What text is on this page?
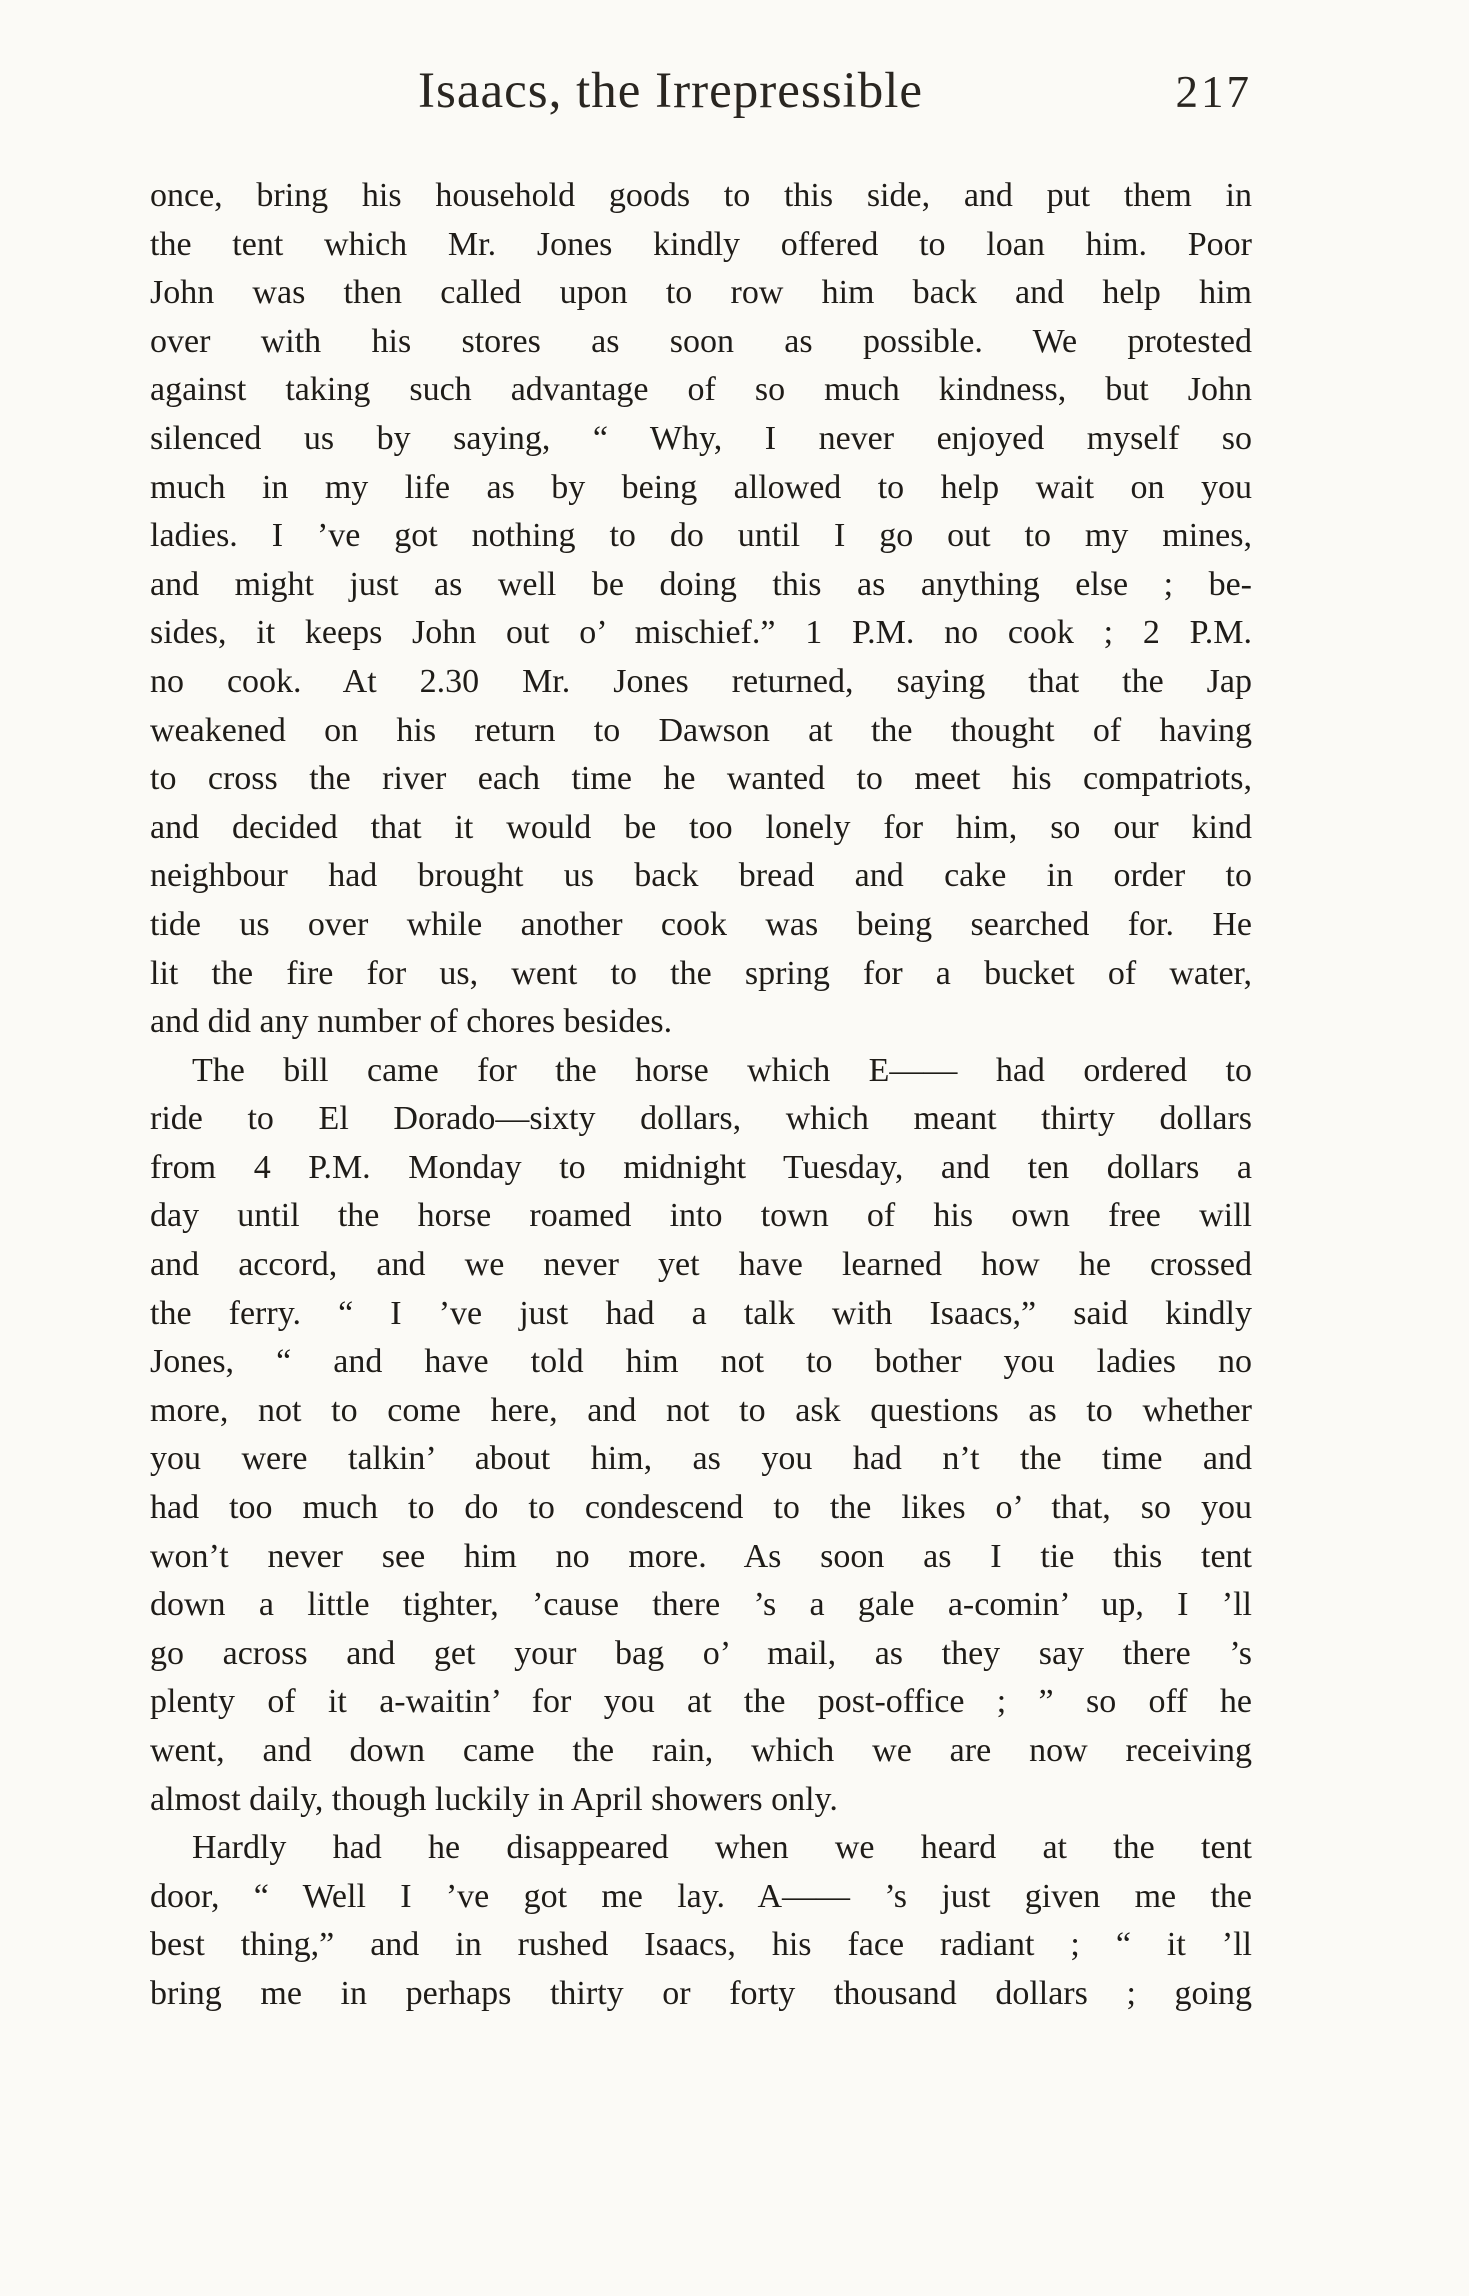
Isaacs, the Irrepressible	217
once, bring his household goods to this side, and put them in
the tent which Mr. Jones kindly offered to loan him. Poor
John was then called upon to row him back and help him
over with his stores as soon as possible. We protested
against taking such advantage of so much kindness, but John
silenced us by saying, “ Why, I never enjoyed myself so
much in my life as by being allowed to help wait on you
ladies. I ’ve got nothing to do until I go out to my mines,
and might just as well be doing this as anything else ; be-
sides, it keeps John out o’ mischief.” 1 P.M. no cook ; 2 P.M.
no cook. At 2.30 Mr. Jones returned, saying that the Jap
weakened on his return to Dawson at the thought of having
to cross the river each time he wanted to meet his compatriots,
and decided that it would be too lonely for him, so our kind
neighbour had brought us back bread and cake in order to
tide us over while another cook was being searched for. He
lit the fire for us, went to the spring for a bucket of water,
and did any number of chores besides.
The bill came for the horse which E—— had ordered to
ride to El Dorado—sixty dollars, which meant thirty dollars
from 4 P.M. Monday to midnight Tuesday, and ten dollars a
day until the horse roamed into town of his own free will
and accord, and we never yet have learned how he crossed
the ferry. “ I ’ve just had a talk with Isaacs,” said kindly
Jones, “ and have told him not to bother you ladies no
more, not to come here, and not to ask questions as to whether
you were talkin’ about him, as you had n’t the time and
had too much to do to condescend to the likes o’ that, so you
won’t never see him no more. As soon as I tie this tent
down a little tighter, ’cause there ’s a gale a-comin’ up, I ’ll
go across and get your bag o’ mail, as they say there ’s
plenty of it a-waitin’ for you at the post-office ; ” so off he
went, and down came the rain, which we are now receiving
almost daily, though luckily in April showers only.
Hardly had he disappeared when we heard at the tent
door, “ Well I ’ve got me lay. A—— ’s just given me the
best thing,” and in rushed Isaacs, his face radiant ; “ it ’ll
bring me in perhaps thirty or forty thousand dollars ; going
